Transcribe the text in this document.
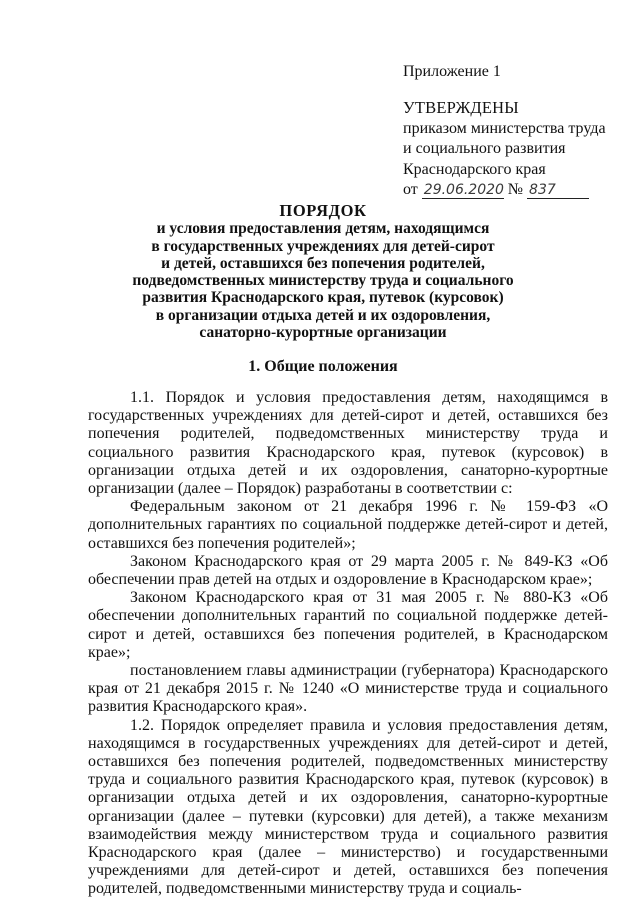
Приложение 1
УТВЕРЖДЕНЫ
приказом министерства труда
и социального развития
Краснодарского края
от 29.06.2020 № 837
ПОРЯДОК
и условия предоставления детям, находящимся
в государственных учреждениях для детей-сирот
и детей, оставшихся без попечения родителей,
подведомственных министерству труда и социального
развития Краснодарского края, путевок (курсовок)
в организации отдыха детей и их оздоровления,
санаторно-курортные организации
1. Общие положения

1.1. Порядок и условия предоставления детям, находящимся в государственных учреждениях для детей-сирот и детей, оставшихся без попечения родителей, подведомственных министерству труда и социального развития Краснодарского края, путевок (курсовок) в организации отдыха детей и их оздоровления, санаторно-курортные организации (далее – Порядок) разработаны в соответствии с:

Федеральным законом от 21 декабря 1996 г. № 159-ФЗ «О дополнительных гарантиях по социальной поддержке детей-сирот и детей, оставшихся без попечения родителей»;

Законом Краснодарского края от 29 марта 2005 г. № 849-КЗ «Об обеспечении прав детей на отдых и оздоровление в Краснодарском крае»;

Законом Краснодарского края от 31 мая 2005 г. № 880-КЗ «Об обеспечении дополнительных гарантий по социальной поддержке детей-сирот и детей, оставшихся без попечения родителей, в Краснодарском крае»;

постановлением главы администрации (губернатора) Краснодарского края от 21 декабря 2015 г. № 1240 «О министерстве труда и социального развития Краснодарского края».

1.2. Порядок определяет правила и условия предоставления детям, находящимся в государственных учреждениях для детей-сирот и детей, оставшихся без попечения родителей, подведомственных министерству труда и социального развития Краснодарского края, путевок (курсовок) в организации отдыха детей и их оздоровления, санаторно-курортные организации (далее – путевки (курсовки) для детей), а также механизм взаимодействия между министерством труда и социального развития Краснодарского края (далее – министерство) и государственными учреждениями для детей-сирот и детей, оставшихся без попечения родителей, подведомственными министерству труда и социаль-
